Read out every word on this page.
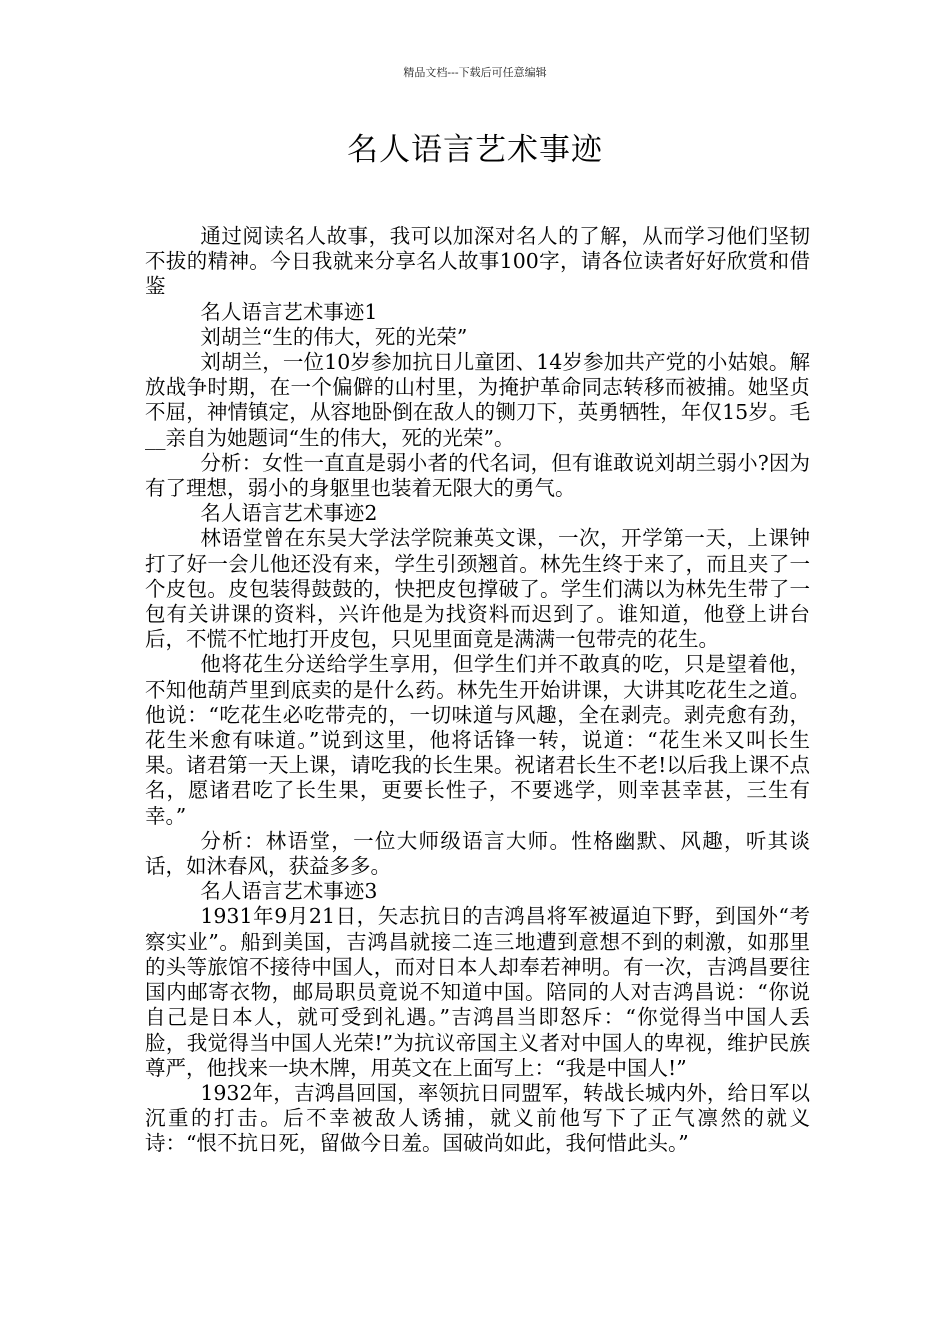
精品文档---下载后可任意编辑
名人语言艺术事迹

通过阅读名人故事，我可以加深对名人的了解，从而学习他们坚韧不拔的精神。今日我就来分享名人故事100字，请各位读者好好欣赏和借鉴

名人语言艺术事迹1

刘胡兰“生的伟大，死的光荣”

刘胡兰，一位10岁参加抗日儿童团、14岁参加共产党的小姑娘。解放战争时期，在一个偏僻的山村里，为掩护革命同志转移而被捕。她坚贞不屈，神情镇定，从容地卧倒在敌人的铡刀下，英勇牺牲，年仅15岁。毛__亲自为她题词“生的伟大，死的光荣”。

分析：女性一直直是弱小者的代名词，但有谁敢说刘胡兰弱小?因为有了理想，弱小的身躯里也装着无限大的勇气。

名人语言艺术事迹2

林语堂曾在东吴大学法学院兼英文课，一次，开学第一天，上课钟打了好一会儿他还没有来，学生引颈翘首。林先生终于来了，而且夹了一个皮包。皮包装得鼓鼓的，快把皮包撑破了。学生们满以为林先生带了一包有关讲课的资料，兴许他是为找资料而迟到了。谁知道，他登上讲台后，不慌不忙地打开皮包，只见里面竟是满满一包带壳的花生。

他将花生分送给学生享用，但学生们并不敢真的吃，只是望着他，不知他葫芦里到底卖的是什么药。林先生开始讲课，大讲其吃花生之道。他说：“吃花生必吃带壳的，一切味道与风趣，全在剥壳。剥壳愈有劲，花生米愈有味道。”说到这里，他将话锋一转，说道：“花生米又叫长生果。诸君第一天上课，请吃我的长生果。祝诸君长生不老!以后我上课不点名，愿诸君吃了长生果，更要长性子，不要逃学，则幸甚幸甚，三生有幸。”

分析：林语堂，一位大师级语言大师。性格幽默、风趣，听其谈话，如沐春风，获益多多。

名人语言艺术事迹3

1931年9月21日，矢志抗日的吉鸿昌将军被逼迫下野，到国外“考察实业”。船到美国，吉鸿昌就接二连三地遭到意想不到的刺激，如那里的头等旅馆不接待中国人，而对日本人却奉若神明。有一次，吉鸿昌要往国内邮寄衣物，邮局职员竟说不知道中国。陪同的人对吉鸿昌说：“你说自己是日本人，就可受到礼遇。”吉鸿昌当即怒斥：“你觉得当中国人丢脸，我觉得当中国人光荣!”为抗议帝国主义者对中国人的卑视，维护民族尊严，他找来一块木牌，用英文在上面写上：“我是中国人!”

1932年，吉鸿昌回国，率领抗日同盟军，转战长城内外，给日军以沉重的打击。后不幸被敌人诱捕，就义前他写下了正气凛然的就义诗：“恨不抗日死，留做今日羞。国破尚如此，我何惜此头。”
